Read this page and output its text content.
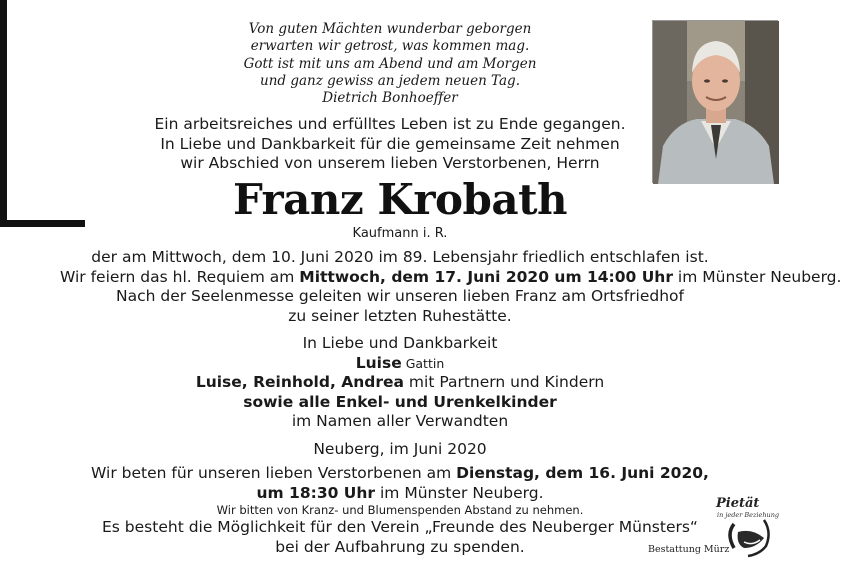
Von guten Mächten wunderbar geborgen
erwarten wir getrost, was kommen mag.
Gott ist mit uns am Abend und am Morgen
und ganz gewiss an jedem neuen Tag.
Dietrich Bonhoeffer
Ein arbeitsreiches und erfülltes Leben ist zu Ende gegangen.
In Liebe und Dankbarkeit für die gemeinsame Zeit nehmen
wir Abschied von unserem lieben Verstorbenen, Herrn
Franz Krobath
Kaufmann i. R.
der am Mittwoch, dem 10. Juni 2020 im 89. Lebensjahr friedlich entschlafen ist.
Wir feiern das hl. Requiem am Mittwoch, dem 17. Juni 2020 um 14:00 Uhr im Münster Neuberg.
Nach der Seelenmesse geleiten wir unseren lieben Franz am Ortsfriedhof
zu seiner letzten Ruhestätte.
In Liebe und Dankbarkeit
Luise Gattin
Luise, Reinhold, Andrea mit Partnern und Kindern
sowie alle Enkel- und Urenkelkinder
im Namen aller Verwandten
Neuberg, im Juni 2020
Wir beten für unseren lieben Verstorbenen am Dienstag, dem 16. Juni 2020,
um 18:30 Uhr im Münster Neuberg.
Wir bitten von Kranz- und Blumenspenden Abstand zu nehmen.
Es besteht die Möglichkeit für den Verein „Freunde des Neuberger Münsters“
bei der Aufbahrung zu spenden.
Pietät
in jeder Beziehung
Bestattung Mürz
